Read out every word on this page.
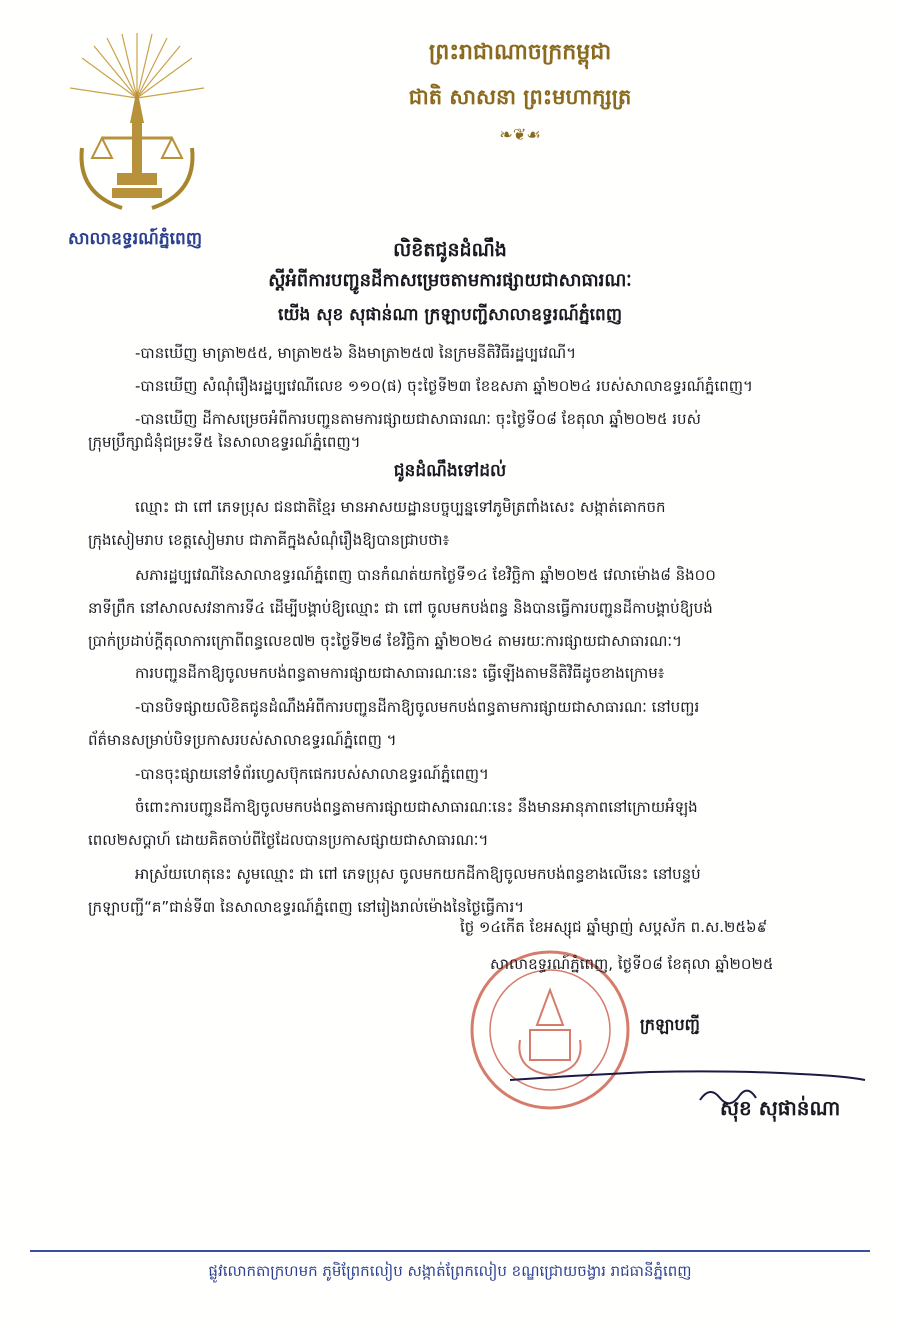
សាលាឧទ្ធរណ៍ភ្នំពេញ
ព្រះរាជាណាចក្រកម្ពុជា
ជាតិ សាសនា ព្រះមហាក្សត្រ
❧❦☙
លិខិតជូនដំណឹង
ស្តីអំពីការបញ្ជូនដីកាសម្រេចតាមការផ្សាយជាសាធារណៈ
យើង សុខ សុផាន់ណា ក្រឡាបញ្ជីសាលាឧទ្ធរណ៍ភ្នំពេញ
-បានឃើញ មាត្រា២៥៥, មាត្រា២៥៦ និងមាត្រា២៥៧ នៃក្រមនីតិវិធីរដ្ឋប្បវេណី។
-បានឃើញ សំណុំរឿងរដ្ឋប្បវេណីលេខ ១១០(ផ) ចុះថ្ងៃទី២៣ ខែឧសភា ឆ្នាំ២០២៤ របស់សាលាឧទ្ធរណ៍ភ្នំពេញ។
-បានឃើញ ដីកាសម្រេចអំពីការបញ្ជូនតាមការផ្សាយជាសាធារណៈ ចុះថ្ងៃទី០៨ ខែតុលា ឆ្នាំ២០២៥ របស់
ក្រុមប្រឹក្សាជំនុំជម្រះទី៥ នៃសាលាឧទ្ធរណ៍ភ្នំពេញ។
ជូនដំណឹងទៅដល់
ឈ្មោះ ជា ពៅ ភេទប្រុស ជនជាតិខ្មែរ មានអាសយដ្ឋានបច្ចុប្បន្នទៅភូមិត្រពាំងសេះ សង្កាត់គោកចក
ក្រុងសៀមរាប ខេត្តសៀមរាប ជាភាគីក្នុងសំណុំរឿងឱ្យបានជ្រាបថា៖
សភារដ្ឋប្បវេណីនៃសាលាឧទ្ធរណ៍ភ្នំពេញ បានកំណត់យកថ្ងៃទី១៤ ខែវិច្ឆិកា ឆ្នាំ២០២៥ វេលាម៉ោង៨ និង០០
នាទីព្រឹក នៅសាលសវនាការទី៤ ដើម្បីបង្គាប់ឱ្យឈ្មោះ ជា ពៅ ចូលមកបង់ពន្ធ និងបានធ្វើការបញ្ជូនដីកាបង្គាប់ឱ្យបង់
ប្រាក់ប្រដាប់ក្តីតុលាការក្រោពីពន្ធលេខ៧២ ចុះថ្ងៃទី២៨ ខែវិច្ឆិកា ឆ្នាំ២០២៤ តាមរយៈការផ្សាយជាសាធារណៈ។
ការបញ្ជូនដីកាឱ្យចូលមកបង់ពន្ធតាមការផ្សាយជាសាធារណៈនេះ ធ្វើឡើងតាមនីតិវិធីដូចខាងក្រោម៖
-បានបិទផ្សាយលិខិតជូនដំណឹងអំពីការបញ្ជូនដីកាឱ្យចូលមកបង់ពន្ធតាមការផ្សាយជាសាធារណៈ នៅបញ្ជរ
ព័ត៌មានសម្រាប់បិទប្រកាសរបស់សាលាឧទ្ធរណ៍ភ្នំពេញ ។
-បានចុះផ្សាយនៅទំព័រហ្វេសប៊ុកផេករបស់សាលាឧទ្ធរណ៍ភ្នំពេញ។
ចំពោះការបញ្ជូនដីកាឱ្យចូលមកបង់ពន្ធតាមការផ្សាយជាសាធារណៈនេះ នឹងមានអានុភាពនៅក្រោយអំឡុង
ពេល២សប្តាហ៍ ដោយគិតចាប់ពីថ្ងៃដែលបានប្រកាសផ្សាយជាសាធារណៈ។
អាស្រ័យហេតុនេះ សូមឈ្មោះ ជា ពៅ ភេទប្រុស ចូលមកយកដីកាឱ្យចូលមកបង់ពន្ធខាងលើនេះ នៅបន្ទប់
ក្រឡាបញ្ជី“គ”ជាន់ទី៣ នៃសាលាឧទ្ធរណ៍ភ្នំពេញ នៅរៀងរាល់ម៉ោងនៃថ្ងៃធ្វើការ។
ថ្ងៃ ១៤កើត ខែអស្សុជ ឆ្នាំម្សាញ់ សប្តស័ក ព.ស.២៥៦៩
សាលាឧទ្ធរណ៍ភ្នំពេញ, ថ្ងៃទី០៨ ខែតុលា ឆ្នាំ២០២៥
ក្រឡាបញ្ជី
សុខ សុផាន់ណា
ផ្លូវលោកតាក្រហមក ភូមិព្រែកលៀប សង្កាត់ព្រែកលៀប ខណ្ឌជ្រោយចង្វារ រាជធានីភ្នំពេញ
